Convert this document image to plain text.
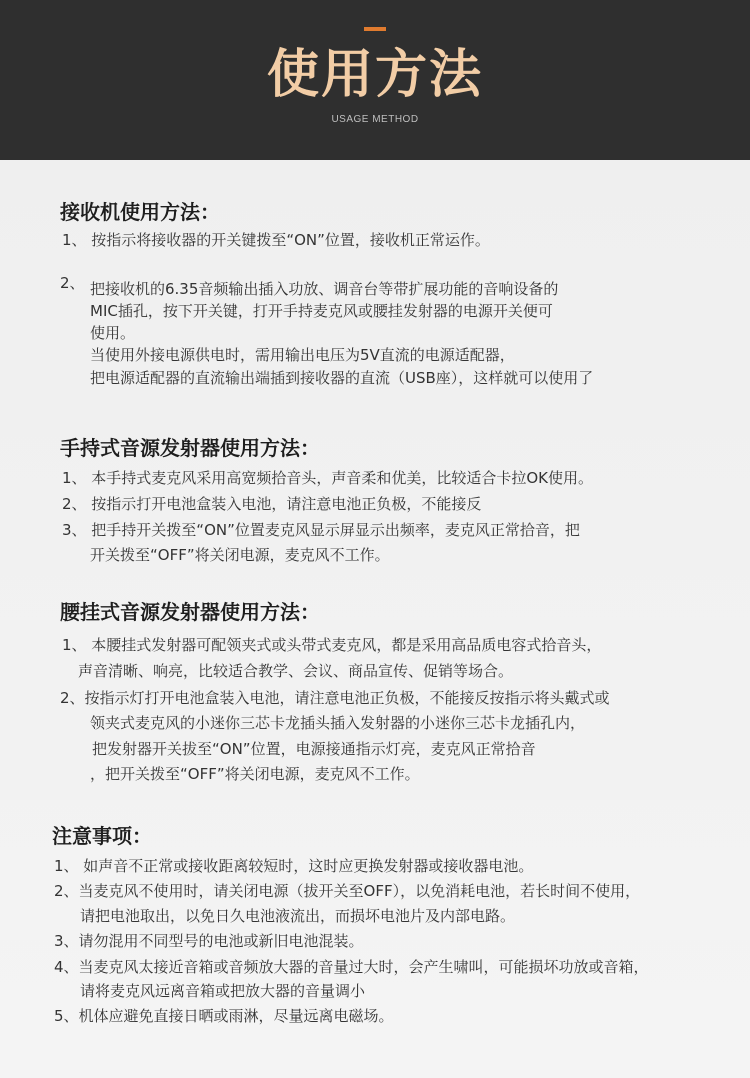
使用方法
USAGE METHOD
接收机使用方法：
1、 按指示将接收器的开关键拨至“ON”位置，接收机正常运作。
2、 把接收机的6.35音频输出插入功放、调音台等带扩展功能的音响设备的
MIC插孔，按下开关键，打开手持麦克风或腰挂发射器的电源开关便可
使用。
当使用外接电源供电时，需用输出电压为5V直流的电源适配器，
把电源适配器的直流输出端插到接收器的直流（USB座），这样就可以使用了
手持式音源发射器使用方法：
1、 本手持式麦克风采用高宽频拾音头，声音柔和优美，比较适合卡拉OK使用。
2、 按指示打开电池盒装入电池，请注意电池正负极，不能接反
3、 把手持开关拨至“ON”位置麦克风显示屏显示出频率，麦克风正常拾音，把
开关拨至“OFF”将关闭电源，麦克风不工作。
腰挂式音源发射器使用方法：
1、 本腰挂式发射器可配领夹式或头带式麦克风，都是采用高品质电容式拾音头，
声音清晰、响亮，比较适合教学、会议、商品宣传、促销等场合。
2、按指示灯打开电池盒装入电池，请注意电池正负极，不能接反按指示将头戴式或
领夹式麦克风的小迷你三芯卡龙插头插入发射器的小迷你三芯卡龙插孔内，
把发射器开关拔至“ON”位置，电源接通指示灯亮，麦克风正常拾音
，把开关拨至“OFF”将关闭电源，麦克风不工作。
注意事项：
1、 如声音不正常或接收距离较短时，这时应更换发射器或接收器电池。
2、当麦克风不使用时，请关闭电源（拔开关至OFF），以免消耗电池，若长时间不使用，
请把电池取出，以免日久电池液流出，而损坏电池片及内部电路。
3、请勿混用不同型号的电池或新旧电池混装。
4、当麦克风太接近音箱或音频放大器的音量过大时，会产生啸叫，可能损坏功放或音箱，
请将麦克风远离音箱或把放大器的音量调小
5、机体应避免直接日晒或雨淋，尽量远离电磁场。
